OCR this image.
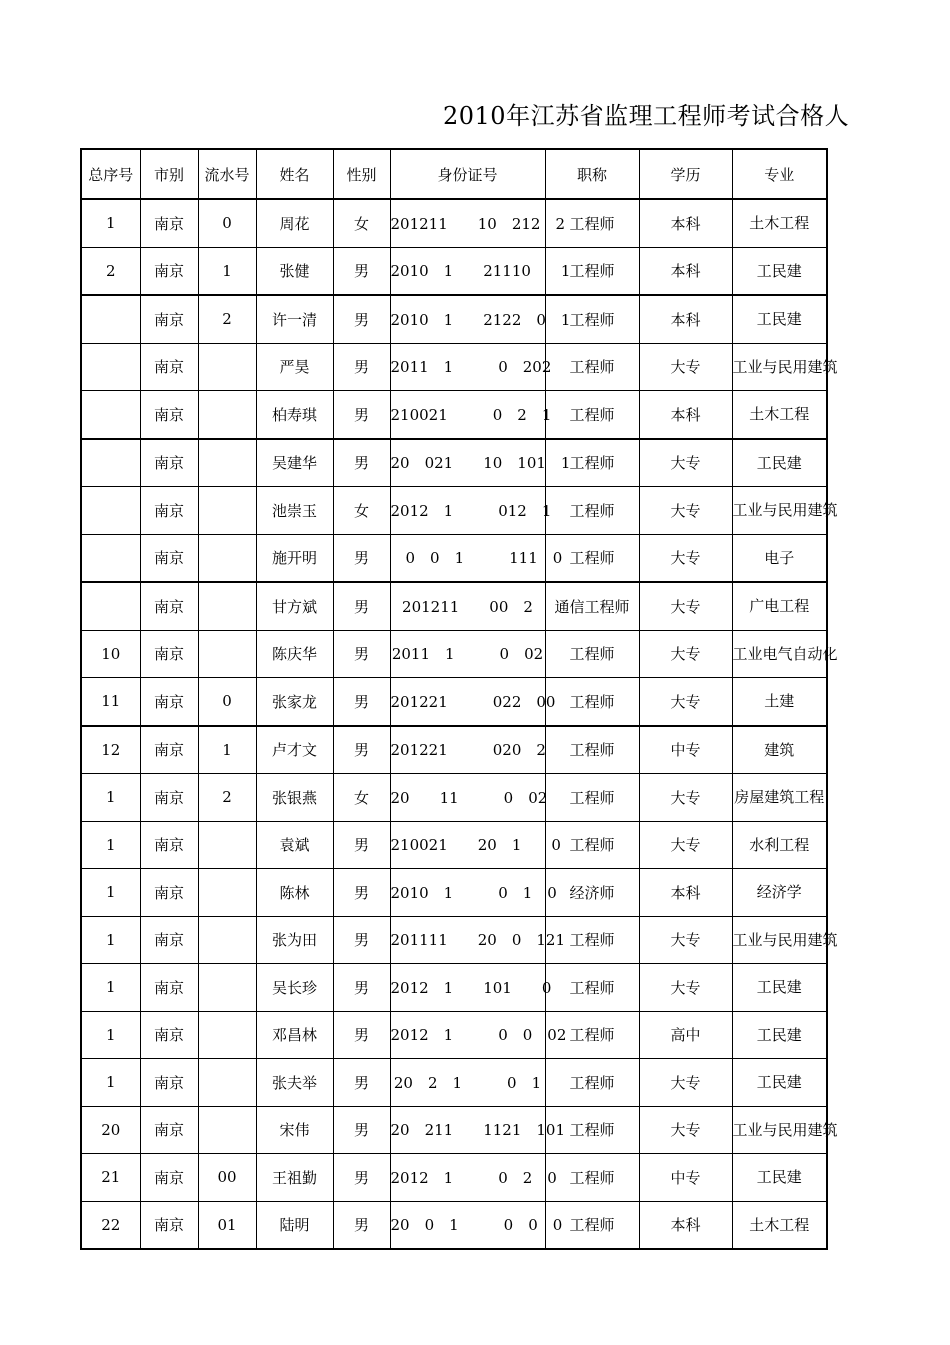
2010年江苏省监理工程师考试合格人
总序号	市别	流水号	姓名	性别	身份证号	职称	学历	专业
1	南京	0	周花	女	201211　　10　212　2	工程师	本科	土木工程
2	南京	1	张健	男	2010　1　　21110　　1	工程师	本科	工民建
	南京	2	许一清	男	2010　1　　2122　0　1	工程师	本科	工民建
	南京		严昊	男	2011　1　　　0　202	工程师	大专	工业与民用建筑
	南京		柏寿琪	男	210021　　　0　2　1	工程师	本科	土木工程
	南京		吴建华	男	20　021　　10　101　1	工程师	大专	工民建
	南京		池崇玉	女	2012　1　　　012　1	工程师	大专	工业与民用建筑
	南京		施开明	男	　0　0　1　　　111　0	工程师	大专	电子
	南京		甘方斌	男	201211　　00　2	通信工程师	大专	广电工程
10	南京		陈庆华	男	2011　1　　　0　02	工程师	大专	工业电气自动化
11	南京	0	张家龙	男	201221　　　022　00	工程师	大专	土建
12	南京	1	卢才文	男	201221　　　020　2	工程师	中专	建筑
1	南京	2	张银燕	女	20　　11　　　0　02	工程师	大专	房屋建筑工程
1	南京		袁斌	男	210021　　20　1　　0	工程师	大专	水利工程
1	南京		陈林	男	2010　1　　　0　1　0	经济师	本科	经济学
1	南京		张为田	男	201111　　20　0　121	工程师	大专	工业与民用建筑
1	南京		吴长珍	男	2012　1　　101　　0	工程师	大专	工民建
1	南京		邓昌林	男	2012　1　　　0　0　02	工程师	高中	工民建
1	南京		张夫举	男	20　2　1　　　0　1	工程师	大专	工民建
20	南京		宋伟	男	20　211　　1121　101	工程师	大专	工业与民用建筑
21	南京	00	王祖勤	男	2012　1　　　0　2　0	工程师	中专	工民建
22	南京	01	陆明	男	20　0　1　　　0　0　0	工程师	本科	土木工程
